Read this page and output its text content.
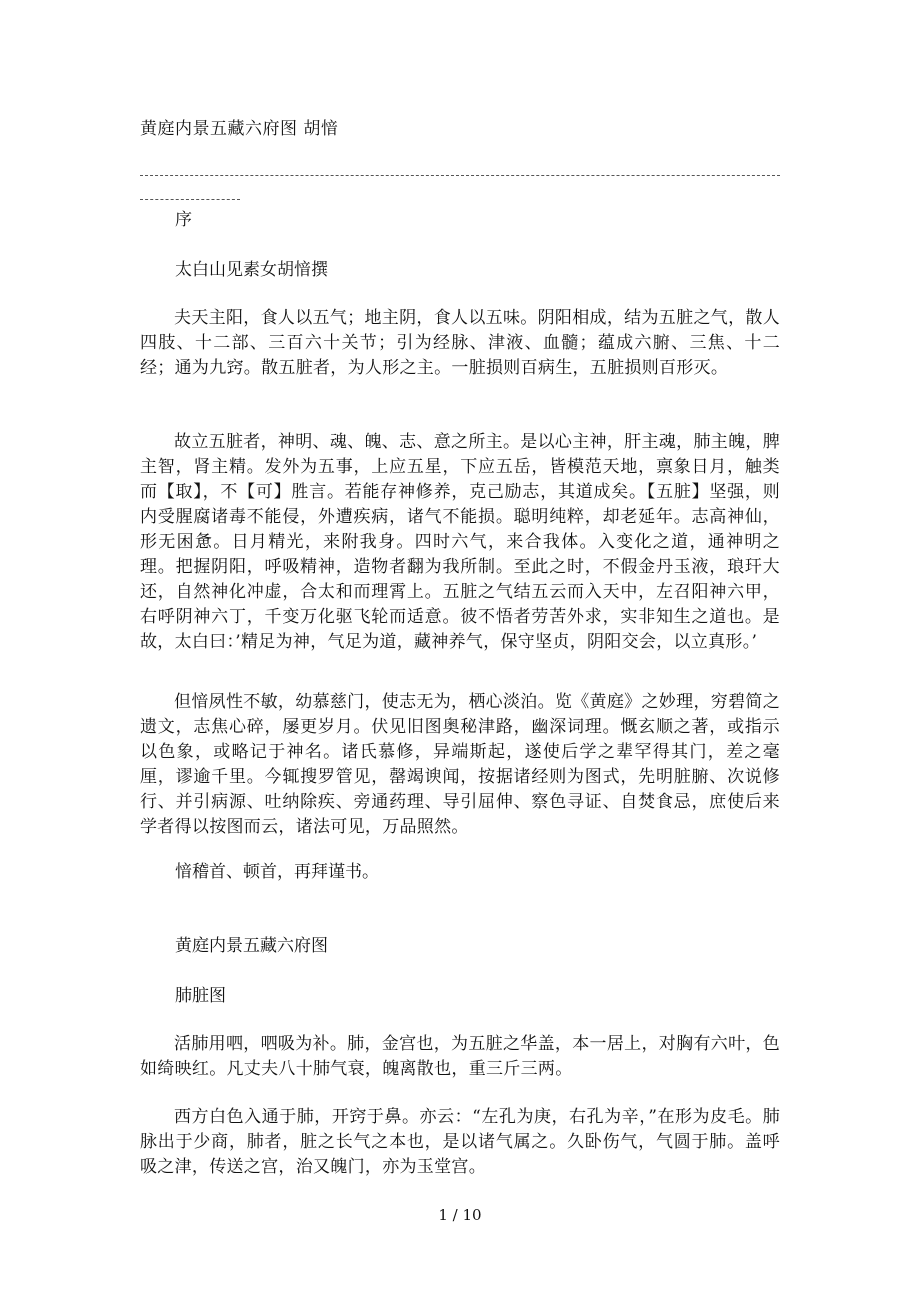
黄庭内景五藏六府图 胡愔
序
太白山见素女胡愔撰
夫天主阳，食人以五气；地主阴，食人以五味。阴阳相成，结为五脏之气，散人四肢、十二部、三百六十关节；引为经脉、津液、血髓；蕴成六腑、三焦、十二经；通为九窍。散五脏者，为人形之主。一脏损则百病生，五脏损则百形灭。
故立五脏者，神明、魂、魄、志、意之所主。是以心主神，肝主魂，肺主魄，脾主智，肾主精。发外为五事，上应五星，下应五岳，皆模范天地，禀象日月，触类而【取】，不【可】胜言。若能存神修养，克己励志，其道成矣。【五脏】坚强，则内受腥腐诸毒不能侵，外遭疾病，诸气不能损。聪明纯粹，却老延年。志高神仙，形无困惫。日月精光，来附我身。四时六气，来合我体。入变化之道，通神明之理。把握阴阳，呼吸精神，造物者翻为我所制。至此之时，不假金丹玉液，琅玕大还，自然神化冲虚，合太和而理霄上。五脏之气结五云而入天中，左召阳神六甲，右呼阴神六丁，千变万化驱飞轮而适意。彼不悟者劳苦外求，实非知生之道也。是故，太白曰：’精足为神，气足为道，藏神养气，保守坚贞，阴阳交会，以立真形。’
但愔夙性不敏，幼慕慈门，使志无为，栖心淡泊。览《黄庭》之妙理，穷碧简之遗文，志焦心碎，屡更岁月。伏见旧图奥秘津路，幽深词理。慨玄顺之著，或指示以色象，或略记于神名。诸氏慕修，异端斯起，遂使后学之辈罕得其门，差之毫厘，谬逾千里。今辄搜罗管见，罄竭谀闻，按据诸经则为图式，先明脏腑、次说修行、并引病源、吐纳除疾、旁通药理、导引屈伸、察色寻证、自焚食忌，庶使后来学者得以按图而云，诸法可见，万品照然。
愔稽首、顿首，再拜谨书。
黄庭内景五藏六府图
肺脏图
活肺用呬，呬吸为补。肺，金宫也，为五脏之华盖，本一居上，对胸有六叶，色如绮映红。凡丈夫八十肺气衰，魄离散也，重三斤三两。
西方白色入通于肺，开窍于鼻。亦云：“左孔为庚，右孔为辛，”在形为皮毛。肺脉出于少商，肺者，脏之长气之本也，是以诸气属之。久卧伤气，气圆于肺。盖呼吸之津，传送之宫，治又魄门，亦为玉堂宫。
1 / 10
